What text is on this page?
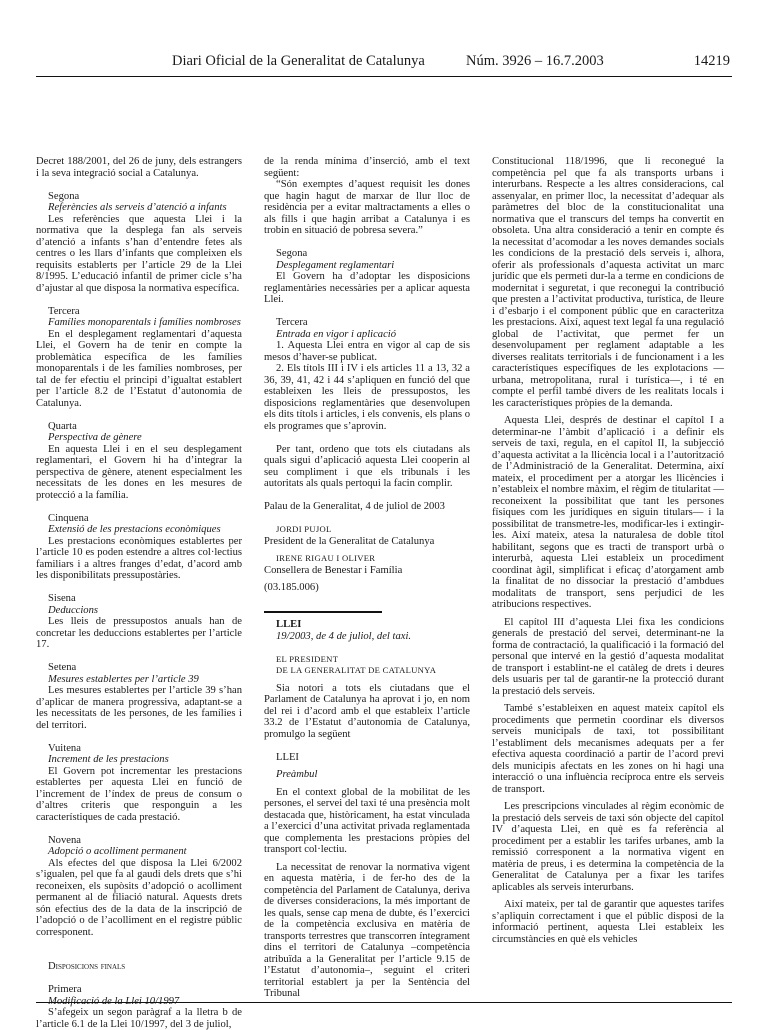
Diari Oficial de la Generalitat de Catalunya	Núm. 3926 – 16.7.2003	14219

Decret 188/2001, del 26 de juny, dels estrangers i la seva integració social a Catalunya.

Segona

Referències als serveis d’atenció a infants

Les referències que aquesta Llei i la normativa que la desplega fan als serveis d’atenció a infants s’han d’entendre fetes als centres o les llars d’infants que compleixen els requisits establerts per l’article 29 de la Llei 8/1995. L’educació infantil de primer cicle s’ha d’ajustar al que disposa la normativa específica.

Tercera

Famílies monoparentals i famílies nombroses

En el desplegament reglamentari d’aquesta Llei, el Govern ha de tenir en compte la problemàtica específica de les famílies monoparentals i de les famílies nombroses, per tal de fer efectiu el principi d’igualtat establert per l’article 8.2 de l’Estatut d’autonomia de Catalunya.

Quarta

Perspectiva de gènere

En aquesta Llei i en el seu desplegament reglamentari, el Govern hi ha d’integrar la perspectiva de gènere, atenent especialment les necessitats de les dones en les mesures de protecció a la família.

Cinquena

Extensió de les prestacions econòmiques

Les prestacions econòmiques establertes per l’article 10 es poden estendre a altres col·lectius familiars i a altres franges d’edat, d’acord amb les disponibilitats pressupostàries.

Sisena

Deduccions

Les lleis de pressupostos anuals han de concretar les deduccions establertes per l’article 17.

Setena

Mesures establertes per l’article 39

Les mesures establertes per l’article 39 s’han d’aplicar de manera progressiva, adaptant-se a les necessitats de les persones, de les famílies i del territori.

Vuitena

Increment de les prestacions

El Govern pot incrementar les prestacions establertes per aquesta Llei en funció de l’increment de l’índex de preus de consum o d’altres criteris que responguin a les característiques de cada prestació.

Novena

Adopció o acolliment permanent

Als efectes del que disposa la Llei 6/2002 s’igualen, pel que fa al gaudi dels drets que s’hi reconeixen, els supòsits d’adopció o acolliment permanent al de filiació natural. Aquests drets són efectius des de la data de la inscripció de l’adopció o de l’acolliment en el registre públic corresponent.

Disposicions finals

Primera

Modificació de la Llei 10/1997

S’afegeix un segon paràgraf a la lletra b de l’article 6.1 de la Llei 10/1997, del 3 de juliol,

de la renda mínima d’inserció, amb el text següent:

“Són exemptes d’aquest requisit les dones que hagin hagut de marxar de llur lloc de residència per a evitar maltractaments a elles o als fills i que hagin arribat a Catalunya i es trobin en situació de pobresa severa.”

Segona

Desplegament reglamentari

El Govern ha d’adoptar les disposicions reglamentàries necessàries per a aplicar aquesta Llei.

Tercera

Entrada en vigor i aplicació

1. Aquesta Llei entra en vigor al cap de sis mesos d’haver-se publicat.

2. Els títols III i IV i els articles 11 a 13, 32 a 36, 39, 41, 42 i 44 s’apliquen en funció del que estableixen les lleis de pressupostos, les disposicions reglamentàries que desenvolupen els dits títols i articles, i els convenis, els plans o els programes que s’aprovin.

Per tant, ordeno que tots els ciutadans als quals sigui d’aplicació aquesta Llei cooperin al seu compliment i que els tribunals i les autoritats als quals pertoqui la facin complir.

Palau de la Generalitat, 4 de juliol de 2003

JORDI PUJOL

President de la Generalitat de Catalunya

IRENE RIGAU I OLIVER

Consellera de Benestar i Família

(03.185.006)

LLEI

19/2003, de 4 de juliol, del taxi.

EL PRESIDENT

DE LA GENERALITAT DE CATALUNYA

Sia notori a tots els ciutadans que el Parlament de Catalunya ha aprovat i jo, en nom del rei i d’acord amb el que estableix l’article 33.2 de l’Estatut d’autonomia de Catalunya, promulgo la següent

LLEI

Preàmbul

En el context global de la mobilitat de les persones, el servei del taxi té una presència molt destacada que, històricament, ha estat vinculada a l’exercici d’una activitat privada reglamentada que complementa les prestacions pròpies del transport col·lectiu.

La necessitat de renovar la normativa vigent en aquesta matèria, i de fer-ho des de la competència del Parlament de Catalunya, deriva de diverses consideracions, la més important de les quals, sense cap mena de dubte, és l’exercici de la competència exclusiva en matèria de transports terrestres que transcorren íntegrament dins el territori de Catalunya –competència atribuïda a la Generalitat per l’article 9.15 de l’Estatut d’autonomia–, seguint el criteri territorial establert ja per la Sentència del Tribunal

Constitucional 118/1996, que li reconegué la competència pel que fa als transports urbans i interurbans. Respecte a les altres consideracions, cal assenyalar, en primer lloc, la necessitat d’adequar als paràmetres del bloc de la constitucionalitat una normativa que el transcurs del temps ha convertit en obsoleta. Una altra consideració a tenir en compte és la necessitat d’acomodar a les noves demandes socials les condicions de la prestació dels serveis i, alhora, oferir als professionals d’aquesta activitat un marc jurídic que els permeti dur-la a terme en condicions de modernitat i seguretat, i que reconegui la contribució que presten a l’activitat productiva, turística, de lleure i d’esbarjo i el component públic que en caracteritza les prestacions. Així, aquest text legal fa una regulació global de l’activitat, que permet fer un desenvolupament per reglament adaptable a les diverses realitats territorials i de funcionament i a les característiques específiques de les explotacions —urbana, metropolitana, rural i turística—, i té en compte el perfil també divers de les realitats locals i les característiques pròpies de la demanda.

Aquesta Llei, després de destinar el capítol I a determinar-ne l’àmbit d’aplicació i a definir els serveis de taxi, regula, en el capítol II, la subjecció d’aquesta activitat a la llicència local i a l’autorització de l’Administració de la Generalitat. Determina, així mateix, el procediment per a atorgar les llicències i n’estableix el nombre màxim, el règim de titularitat —reconeixent la possibilitat que tant les persones físiques com les jurídiques en siguin titulars— i la possibilitat de transmetre-les, modificar-les i extingir-les. Així mateix, atesa la naturalesa de doble títol habilitant, segons que es tracti de transport urbà o interurbà, aquesta Llei estableix un procediment coordinat àgil, simplificat i eficaç d’atorgament amb la finalitat de no dissociar la prestació d’ambdues modalitats de transport, sens perjudici de les atribucions respectives.

El capítol III d’aquesta Llei fixa les condicions generals de prestació del servei, determinant-ne la forma de contractació, la qualificació i la formació del personal que intervé en la gestió d’aquesta modalitat de transport i establint-ne el catàleg de drets i deures dels usuaris per tal de garantir-ne la protecció durant la prestació dels serveis.

També s’estableixen en aquest mateix capítol els procediments que permetin coordinar els diversos serveis municipals de taxi, tot possibilitant l’establiment dels mecanismes adequats per a fer efectiva aquesta coordinació a partir de l’acord previ dels municipis afectats en les zones on hi hagi una interacció o una influència recíproca entre els serveis de transport.

Les prescripcions vinculades al règim econòmic de la prestació dels serveis de taxi són objecte del capítol IV d’aquesta Llei, en què es fa referència al procediment per a establir les tarifes urbanes, amb la remissió corresponent a la normativa vigent en matèria de preus, i es determina la competència de la Generalitat de Catalunya per a fixar les tarifes aplicables als serveis interurbans.

Així mateix, per tal de garantir que aquestes tarifes s’apliquin correctament i que el públic disposi de la informació pertinent, aquesta Llei estableix les circumstàncies en què els vehicles
